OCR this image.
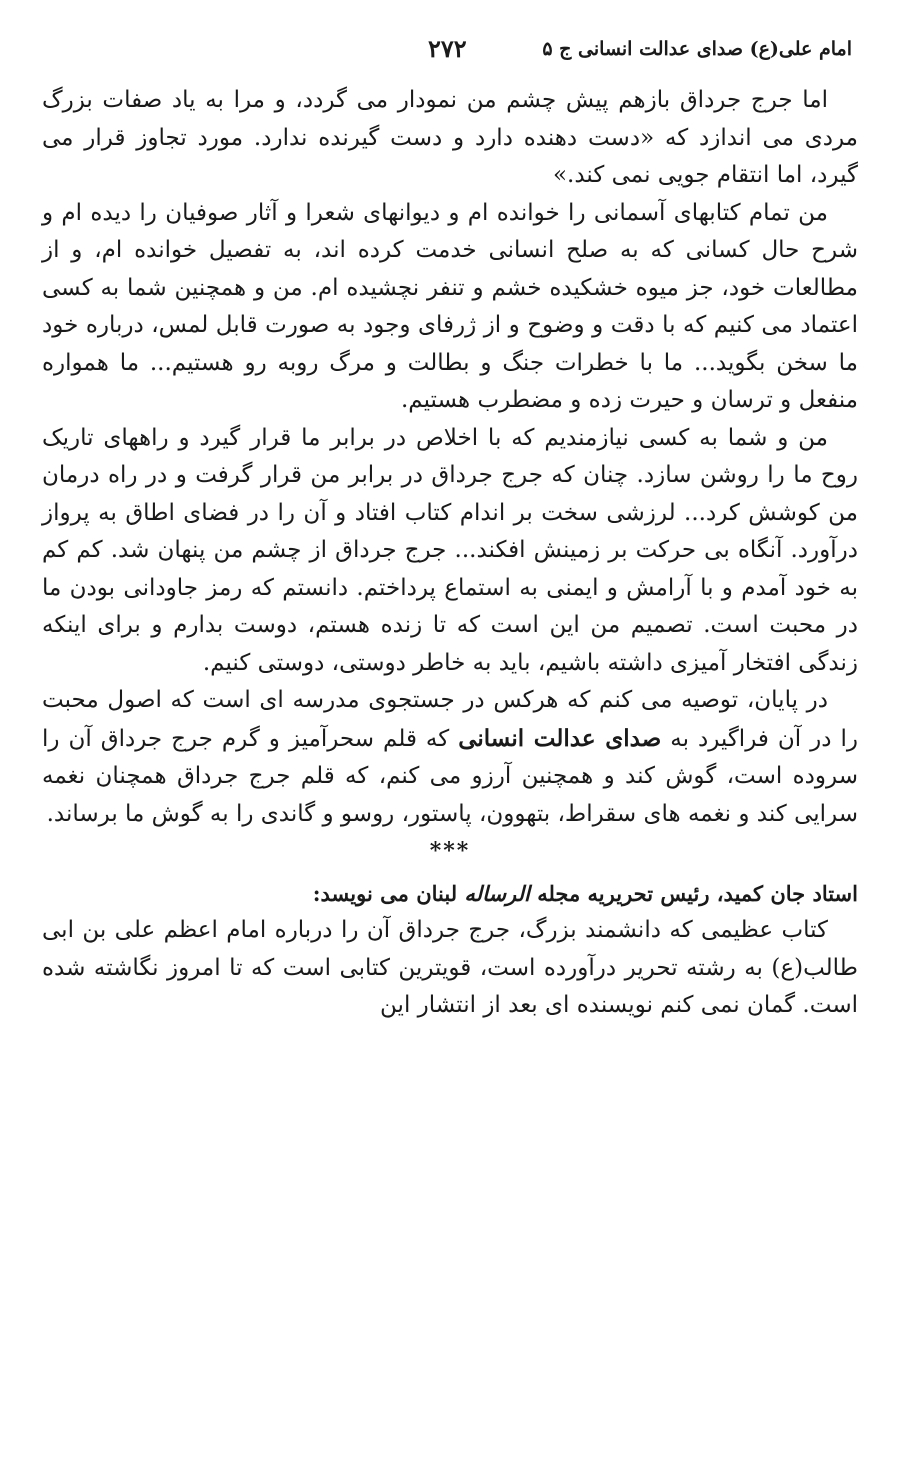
امام علی(ع) صدای عدالت انسانی ج ۵
۲۷۲

اما جرج جرداق بازهم پیش چشم من نمودار می گردد، و مرا به یاد صفات بزرگ مردی می اندازد که «دست دهنده دارد و دست گیرنده ندارد. مورد تجاوز قرار می گیرد، اما انتقام جویی نمی کند.»

من تمام کتابهای آسمانی را خوانده ام و دیوانهای شعرا و آثار صوفیان را دیده ام و شرح حال کسانی که به صلح انسانی خدمت کرده اند، به تفصیل خوانده ام، و از مطالعات خود، جز میوه خشکیده خشم و تنفر نچشیده ام. من و همچنین شما به کسی اعتماد می کنیم که با دقت و وضوح و از ژرفای وجود به صورت قابل لمس، درباره خود ما سخن بگوید... ما با خطرات جنگ و بطالت و مرگ روبه رو هستیم... ما همواره منفعل و ترسان و حیرت زده و مضطرب هستیم.

من و شما به کسی نیازمندیم که با اخلاص در برابر ما قرار گیرد و راههای تاریک روح ما را روشن سازد. چنان که جرج جرداق در برابر من قرار گرفت و در راه درمان من کوشش کرد... لرزشی سخت بر اندام کتاب افتاد و آن را در فضای اطاق به پرواز درآورد. آنگاه بی حرکت بر زمینش افکند... جرج جرداق از چشم من پنهان شد. کم کم به خود آمدم و با آرامش و ایمنی به استماع پرداختم. دانستم که رمز جاودانی بودن ما در محبت است. تصمیم من این است که تا زنده هستم، دوست بدارم و برای اینکه زندگی افتخار آمیزی داشته باشیم، باید به خاطر دوستی، دوستی کنیم.

در پایان، توصیه می کنم که هرکس در جستجوی مدرسه ای است که اصول محبت را در آن فراگیرد به صدای عدالت انسانی که قلم سحرآمیز و گرم جرج جرداق آن را سروده است، گوش کند و همچنین آرزو می کنم، که قلم جرج جرداق همچنان نغمه سرایی کند و نغمه های سقراط، بتهوون، پاستور، روسو و گاندی را به گوش ما برساند.

***

استاد جان کمید، رئیس تحریریه مجله الرساله لبنان می نویسد:

کتاب عظیمی که دانشمند بزرگ، جرج جرداق آن را درباره امام اعظم علی بن ابی طالب(ع) به رشته تحریر درآورده است، قویترین کتابی است که تا امروز نگاشته شده است. گمان نمی کنم نویسنده ای بعد از انتشار این
